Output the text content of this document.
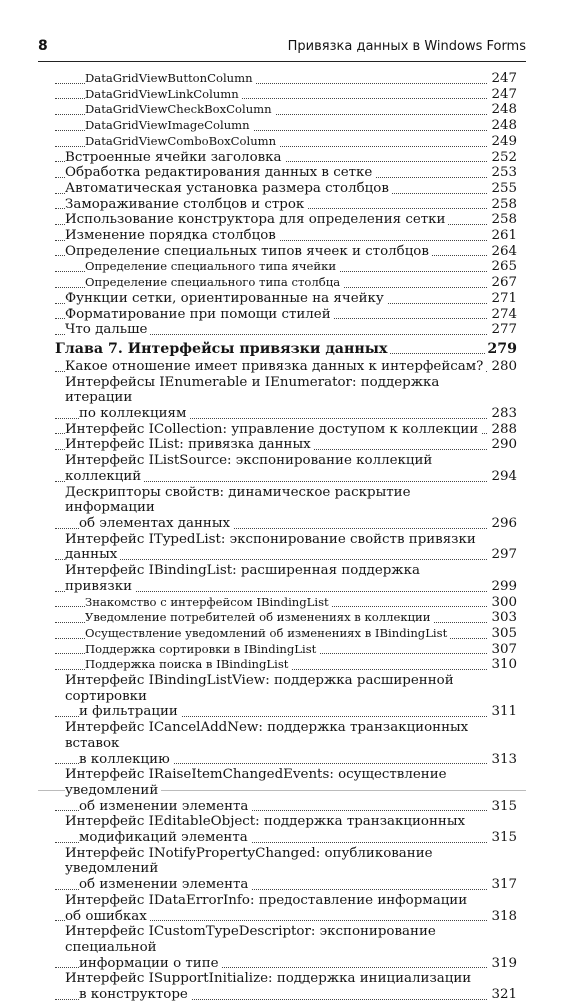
8	Привязка данных в Windows Forms
DataGridViewButtonColumn	247
DataGridViewLinkColumn	247
DataGridViewCheckBoxColumn	248
DataGridViewImageColumn	248
DataGridViewComboBoxColumn	249
Встроенные ячейки заголовка	252
Обработка редактирования данных в сетке	253
Автоматическая установка размера столбцов	255
Замораживание столбцов и строк	258
Использование конструктора для определения сетки	258
Изменение порядка столбцов	261
Определение специальных типов ячеек и столбцов	264
Определение специального типа ячейки	265
Определение специального типа столбца	267
Функции сетки, ориентированные на ячейку	271
Форматирование при помощи стилей	274
Что дальше	277
Глава 7. Интерфейсы привязки данных	279
Какое отношение имеет привязка данных к интерфейсам? 280
Интерфейсы IEnumerable и IEnumerator: поддержка итерации
по коллекциям	283
Интерфейс ICollection: управление доступом к коллекции 288
Интерфейс IList: привязка данных	290
Интерфейс IListSource: экспонирование коллекций коллекций	294
Дескрипторы свойств: динамическое раскрытие информации
об элементах данных	296
Интерфейс ITypedList: экспонирование свойств привязки данных	297
Интерфейс IBindingList: расширенная поддержка привязки	299
Знакомство с интерфейсом IBindingList	300
Уведомление потребителей об изменениях в коллекции	303
Осуществление уведомлений об изменениях в IBindingList	305
Поддержка сортировки в IBindingList	307
Поддержка поиска в IBindingList	310
Интерфейс IBindingListView: поддержка расширенной сортировки
и фильтрации	311
Интерфейс ICancelAddNew: поддержка транзакционных вставок
в коллекцию	313
Интерфейс IRaiseItemChangedEvents: осуществление уведомлений
об изменении элемента	315
Интерфейс IEditableObject: поддержка транзакционных
модификаций элемента	315
Интерфейс INotifyPropertyChanged: опубликование уведомлений
об изменении элемента	317
Интерфейс IDataErrorInfo: предоставление информации об ошибках	318
Интерфейс ICustomTypeDescriptor: экспонирование специальной
информации о типе	319
Интерфейс ISupportInitialize: поддержка инициализации
в конструкторе	321
